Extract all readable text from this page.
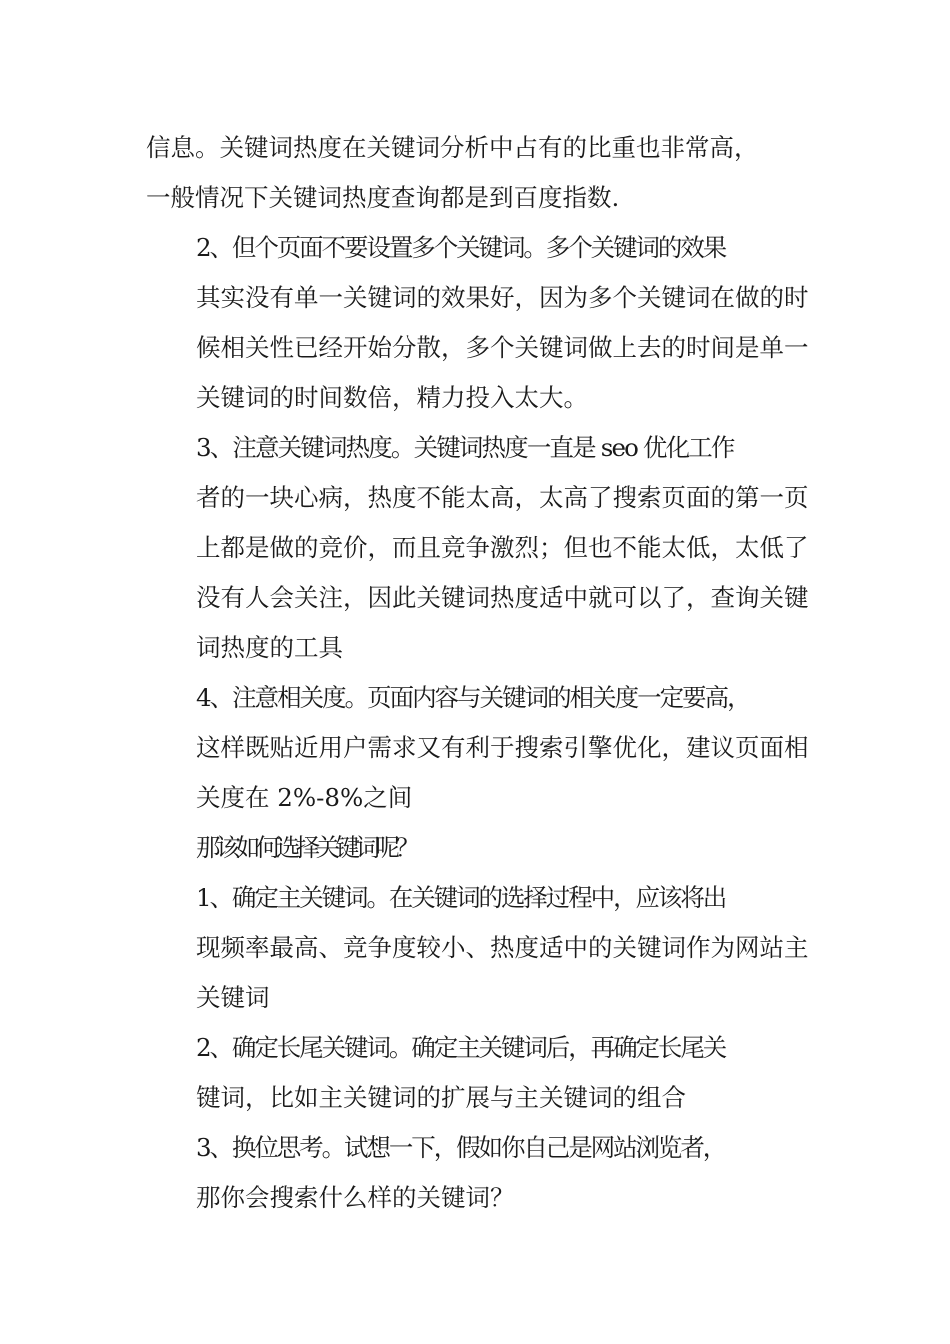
信息。关键词热度在关键词分析中占有的比重也非常高，
一般情况下关键词热度查询都是到百度指数.

2、但个页面不要设置多个关键词。多个关键词的效果
其实没有单一关键词的效果好，因为多个关键词在做的时
候相关性已经开始分散，多个关键词做上去的时间是单一
关键词的时间数倍，精力投入太大。

3、注意关键词热度。关键词热度一直是 seo 优化工作
者的一块心病，热度不能太高，太高了搜索页面的第一页
上都是做的竞价，而且竞争激烈；但也不能太低，太低了
没有人会关注，因此关键词热度适中就可以了，查询关键
词热度的工具

4、注意相关度。页面内容与关键词的相关度一定要高，
这样既贴近用户需求又有利于搜索引擎优化，建议页面相
关度在 2%-8%之间

那该如何选择关键词呢？

1、确定主关键词。在关键词的选择过程中，应该将出
现频率最高、竞争度较小、热度适中的关键词作为网站主
关键词

2、确定长尾关键词。确定主关键词后，再确定长尾关
键词，比如主关键词的扩展与主关键词的组合

3、换位思考。试想一下，假如你自己是网站浏览者，
那你会搜索什么样的关键词？
